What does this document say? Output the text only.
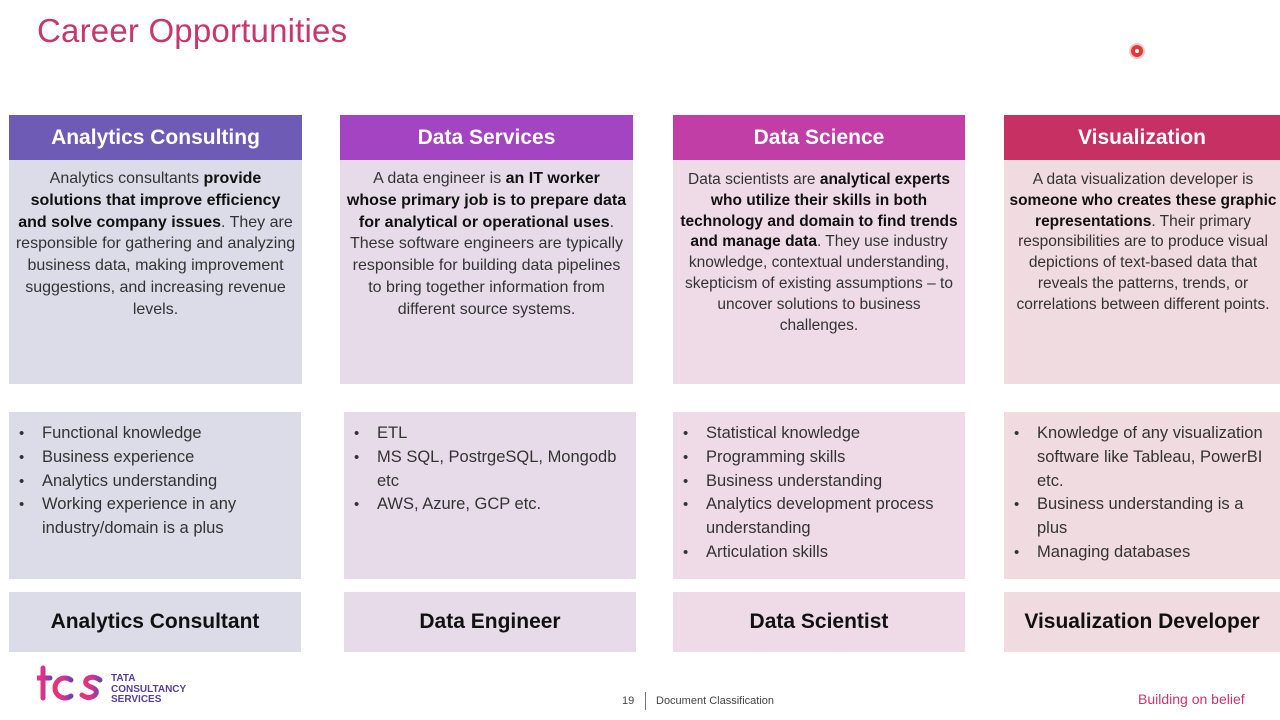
Career Opportunities
Analytics Consulting
Analytics consultants provide solutions that improve efficiency and solve company issues. They are responsible for gathering and analyzing business data, making improvement suggestions, and increasing revenue levels.
• Functional knowledge
• Business experience
• Analytics understanding
• Working experience in any industry/domain is a plus
Analytics Consultant
Data Services
A data engineer is an IT worker whose primary job is to prepare data for analytical or operational uses. These software engineers are typically responsible for building data pipelines to bring together information from different source systems.
• ETL
• MS SQL, PostrgeSQL, Mongodb etc
• AWS, Azure, GCP etc.
Data Engineer
Data Science
Data scientists are analytical experts who utilize their skills in both technology and domain to find trends and manage data. They use industry knowledge, contextual understanding, skepticism of existing assumptions – to uncover solutions to business challenges.
• Statistical knowledge
• Programming skills
• Business understanding
• Analytics development process understanding
• Articulation skills
Data Scientist
Visualization
A data visualization developer is someone who creates these graphic representations. Their primary responsibilities are to produce visual depictions of text-based data that reveals the patterns, trends, or correlations between different points.
• Knowledge of any visualization software like Tableau, PowerBI etc.
• Business understanding is a plus
• Managing databases
Visualization Developer
TATA
CONSULTANCY
SERVICES	19 Document Classification	Building on belief
